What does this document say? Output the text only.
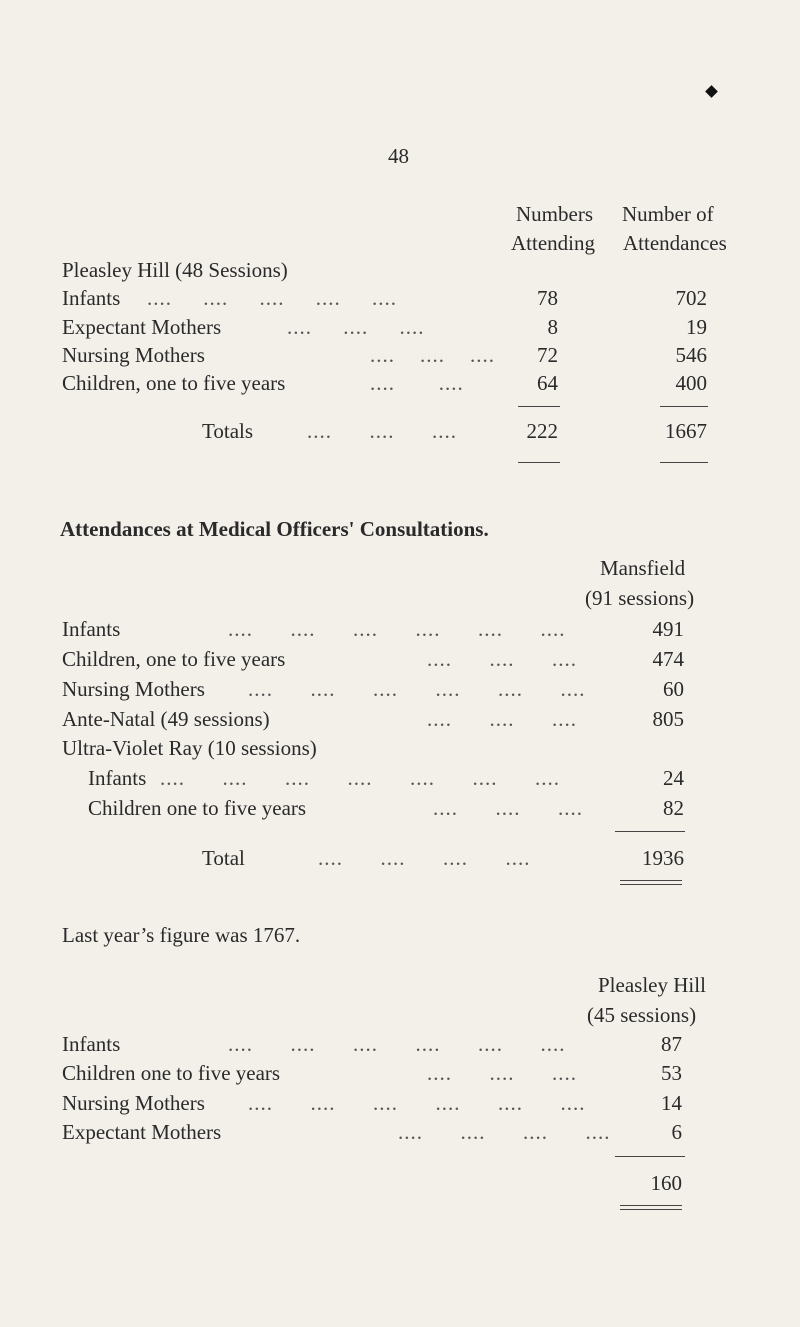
48
Numbers
Attending
Number of
Attendances
Pleasley Hill (48 Sessions)
Infants ....     ....     ....     ....     ....	78	702
Expectant Mothers	....     ....     ....	8	19
Nursing Mothers	....    ....    ....	72	546
Children, one to five years	....       ....	64	400
Totals	....      ....      ....	222	1667
Attendances at Medical Officers' Consultations.
Mansfield
(91 sessions)
Infants	....      ....      ....      ....      ....      ....	491
Children, one to five years	....      ....      ....	474
Nursing Mothers ....      ....      ....      ....      ....      ....	60
Ante-Natal (49 sessions)	....      ....      ....	805
Ultra-Violet Ray (10 sessions)
Infants ....      ....      ....      ....      ....      ....      ....	24
Children one to five years	....      ....      ....	82
Total	....      ....      ....      ....	1936
Last year’s figure was 1767.
Pleasley Hill
(45 sessions)
Infants	....      ....      ....      ....      ....      ....	87
Children one to five years	....      ....      ....	53
Nursing Mothers ....      ....      ....      ....      ....      ....	14
Expectant Mothers	....      ....      ....      ....	6
160
